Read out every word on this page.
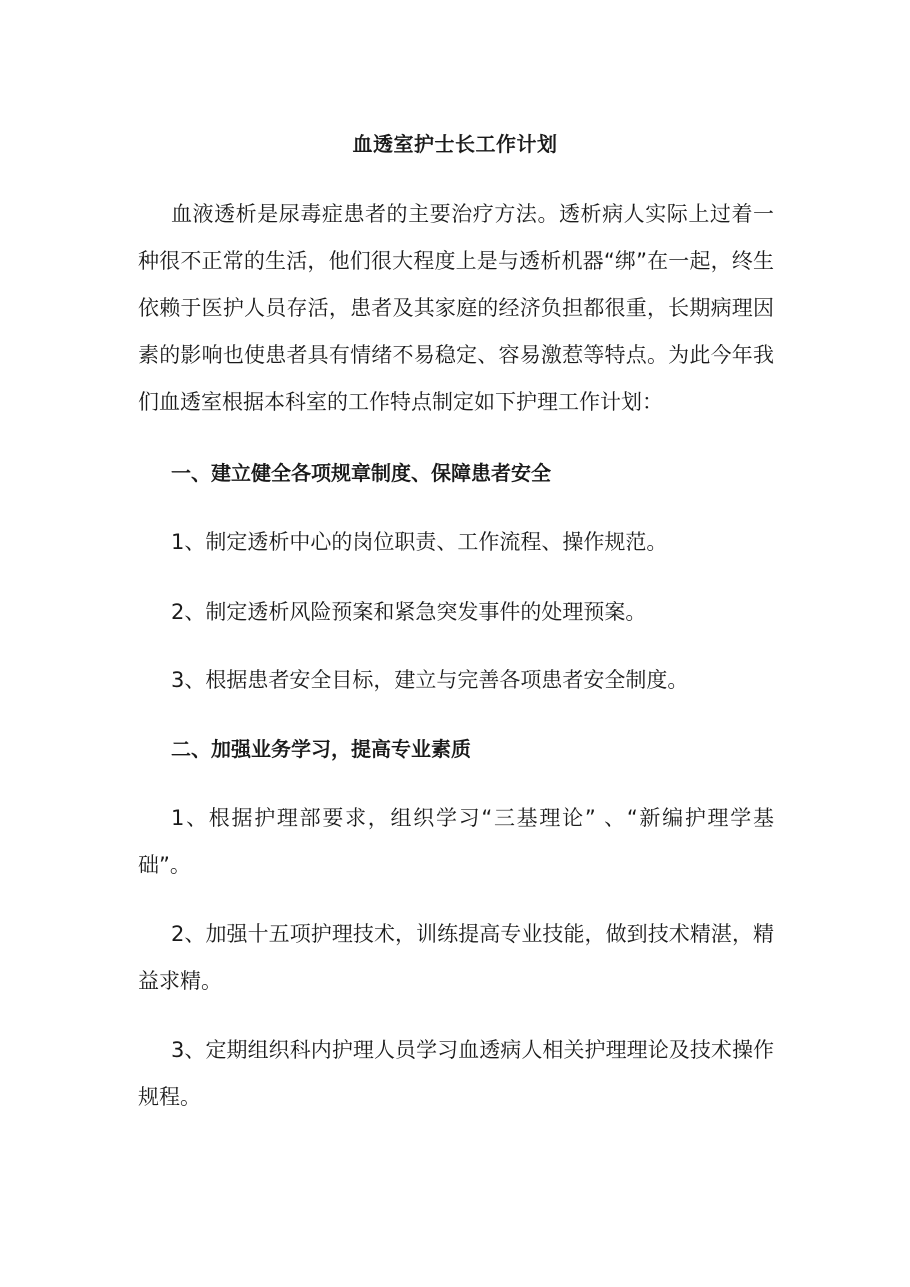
血透室护士长工作计划
血液透析是尿毒症患者的主要治疗方法。透析病人实际上过着一种很不正常的生活，他们很大程度上是与透析机器“绑”在一起，终生依赖于医护人员存活，患者及其家庭的经济负担都很重，长期病理因素的影响也使患者具有情绪不易稳定、容易激惹等特点。为此今年我们血透室根据本科室的工作特点制定如下护理工作计划：
一、建立健全各项规章制度、保障患者安全
1、制定透析中心的岗位职责、工作流程、操作规范。
2、制定透析风险预案和紧急突发事件的处理预案。
3、根据患者安全目标，建立与完善各项患者安全制度。
二、加强业务学习，提高专业素质
1、根据护理部要求，组织学习“三基理论” 、“新编护理学基础”。
2、加强十五项护理技术，训练提高专业技能，做到技术精湛，精益求精。
3、定期组织科内护理人员学习血透病人相关护理理论及技术操作规程。
